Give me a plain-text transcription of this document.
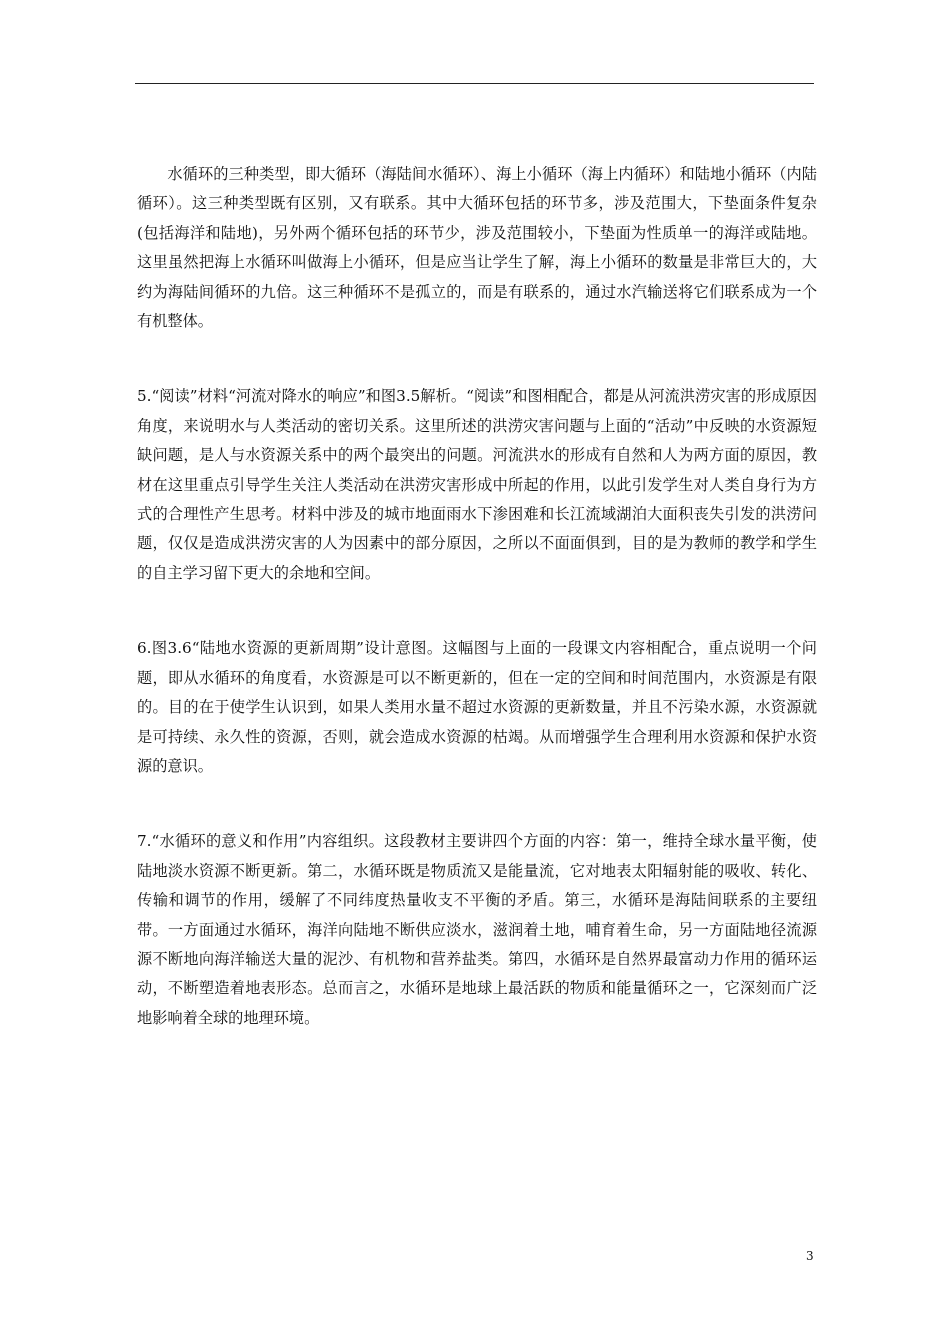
水循环的三种类型，即大循环（海陆间水循环）、海上小循环（海上内循环）和陆地小循环（内陆循环）。这三种类型既有区别，又有联系。其中大循环包括的环节多，涉及范围大，下垫面条件复杂(包括海洋和陆地)，另外两个循环包括的环节少，涉及范围较小，下垫面为性质单一的海洋或陆地。这里虽然把海上水循环叫做海上小循环，但是应当让学生了解，海上小循环的数量是非常巨大的，大约为海陆间循环的九倍。这三种循环不是孤立的，而是有联系的，通过水汽输送将它们联系成为一个有机整体。

5.“阅读”材料“河流对降水的响应”和图3.5解析。“阅读”和图相配合，都是从河流洪涝灾害的形成原因角度，来说明水与人类活动的密切关系。这里所述的洪涝灾害问题与上面的“活动”中反映的水资源短缺问题，是人与水资源关系中的两个最突出的问题。河流洪水的形成有自然和人为两方面的原因，教材在这里重点引导学生关注人类活动在洪涝灾害形成中所起的作用，以此引发学生对人类自身行为方式的合理性产生思考。材料中涉及的城市地面雨水下渗困难和长江流域湖泊大面积丧失引发的洪涝问题，仅仅是造成洪涝灾害的人为因素中的部分原因，之所以不面面俱到，目的是为教师的教学和学生的自主学习留下更大的余地和空间。

6.图3.6“陆地水资源的更新周期”设计意图。这幅图与上面的一段课文内容相配合，重点说明一个问题，即从水循环的角度看，水资源是可以不断更新的，但在一定的空间和时间范围内，水资源是有限的。目的在于使学生认识到，如果人类用水量不超过水资源的更新数量，并且不污染水源，水资源就是可持续、永久性的资源，否则，就会造成水资源的枯竭。从而增强学生合理利用水资源和保护水资源的意识。

7.“水循环的意义和作用”内容组织。这段教材主要讲四个方面的内容：第一，维持全球水量平衡，使陆地淡水资源不断更新。第二，水循环既是物质流又是能量流，它对地表太阳辐射能的吸收、转化、传输和调节的作用，缓解了不同纬度热量收支不平衡的矛盾。第三，水循环是海陆间联系的主要纽带。一方面通过水循环，海洋向陆地不断供应淡水，滋润着土地，哺育着生命，另一方面陆地径流源源不断地向海洋输送大量的泥沙、有机物和营养盐类。第四，水循环是自然界最富动力作用的循环运动，不断塑造着地表形态。总而言之，水循环是地球上最活跃的物质和能量循环之一，它深刻而广泛地影响着全球的地理环境。

3
